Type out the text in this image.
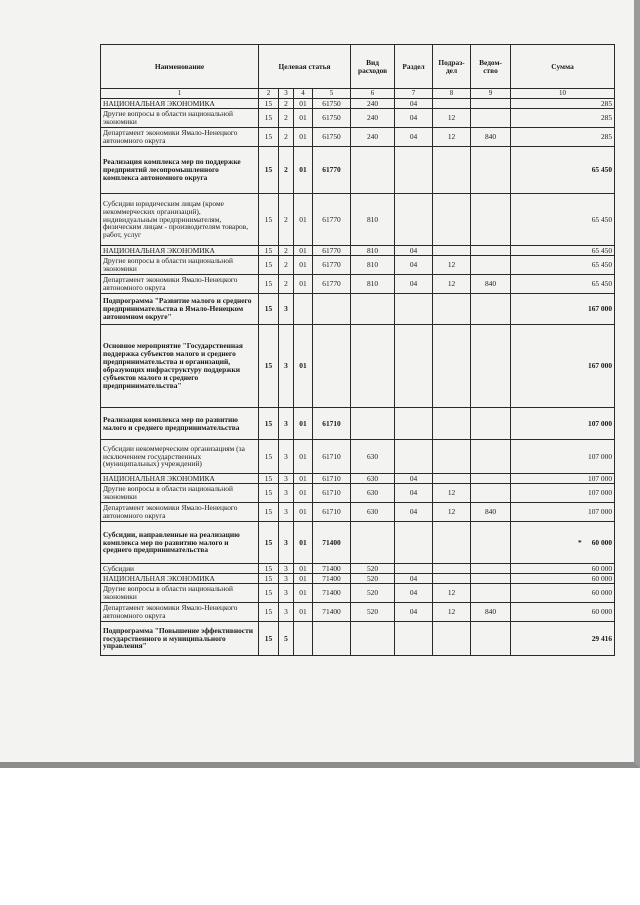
Наименование	Целевая статья				Вид расходов	Раздел	Подраз-дел	Ведом-ство	Сумма
1	2	3	4	5	6	7	8	9	10
НАЦИОНАЛЬНАЯ ЭКОНОМИКА	15	2	01	61750	240	04			285
Другие вопросы в области национальной экономики	15	2	01	61750	240	04	12		285
Департамент экономики Ямало-Ненецкого автономного округа	15	2	01	61750	240	04	12	840	285
Реализация комплекса мер по поддержке предприятий лесопромышленного комплекса автономного округа	15	2	01	61770					65 450
Субсидии юридическим лицам (кроме некоммерческих организаций), индивидуальным предпринимателям, физическим лицам - производителям товаров, работ, услуг	15	2	01	61770	810				65 450
НАЦИОНАЛЬНАЯ ЭКОНОМИКА	15	2	01	61770	810	04			65 450
Другие вопросы в области национальной экономики	15	2	01	61770	810	04	12		65 450
Департамент экономики Ямало-Ненецкого автономного округа	15	2	01	61770	810	04	12	840	65 450
Подпрограмма "Развитие малого и среднего предпринимательства в Ямало-Ненецком автономном округе"	15	3							167 000
Основное мероприятие "Государственная поддержка субъектов малого и среднего предпринимательства и организаций, образующих инфраструктуру поддержки субъектов малого и среднего предпринимательства"	15	3	01						167 000
Реализация комплекса мер по развитию малого и среднего предпринимательства	15	3	01	61710					107 000
Субсидии некоммерческим организациям (за исключением государственных (муниципальных) учреждений)	15	3	01	61710	630				107 000
НАЦИОНАЛЬНАЯ ЭКОНОМИКА	15	3	01	61710	630	04			107 000
Другие вопросы в области национальной экономики	15	3	01	61710	630	04	12		107 000
Департамент экономики Ямало-Ненецкого автономного округа	15	3	01	61710	630	04	12	840	107 000
Субсидии, направленные на реализацию комплекса мер по развитию малого и среднего предпринимательства	15	3	01	71400					* 60 000
Субсидии	15	3	01	71400	520				60 000
НАЦИОНАЛЬНАЯ ЭКОНОМИКА	15	3	01	71400	520	04			60 000
Другие вопросы в области национальной экономики	15	3	01	71400	520	04	12		60 000
Департамент экономики Ямало-Ненецкого автономного округа	15	3	01	71400	520	04	12	840	60 000
Подпрограмма "Повышение эффективности государственного и муниципального управления"	15	5							29 416
